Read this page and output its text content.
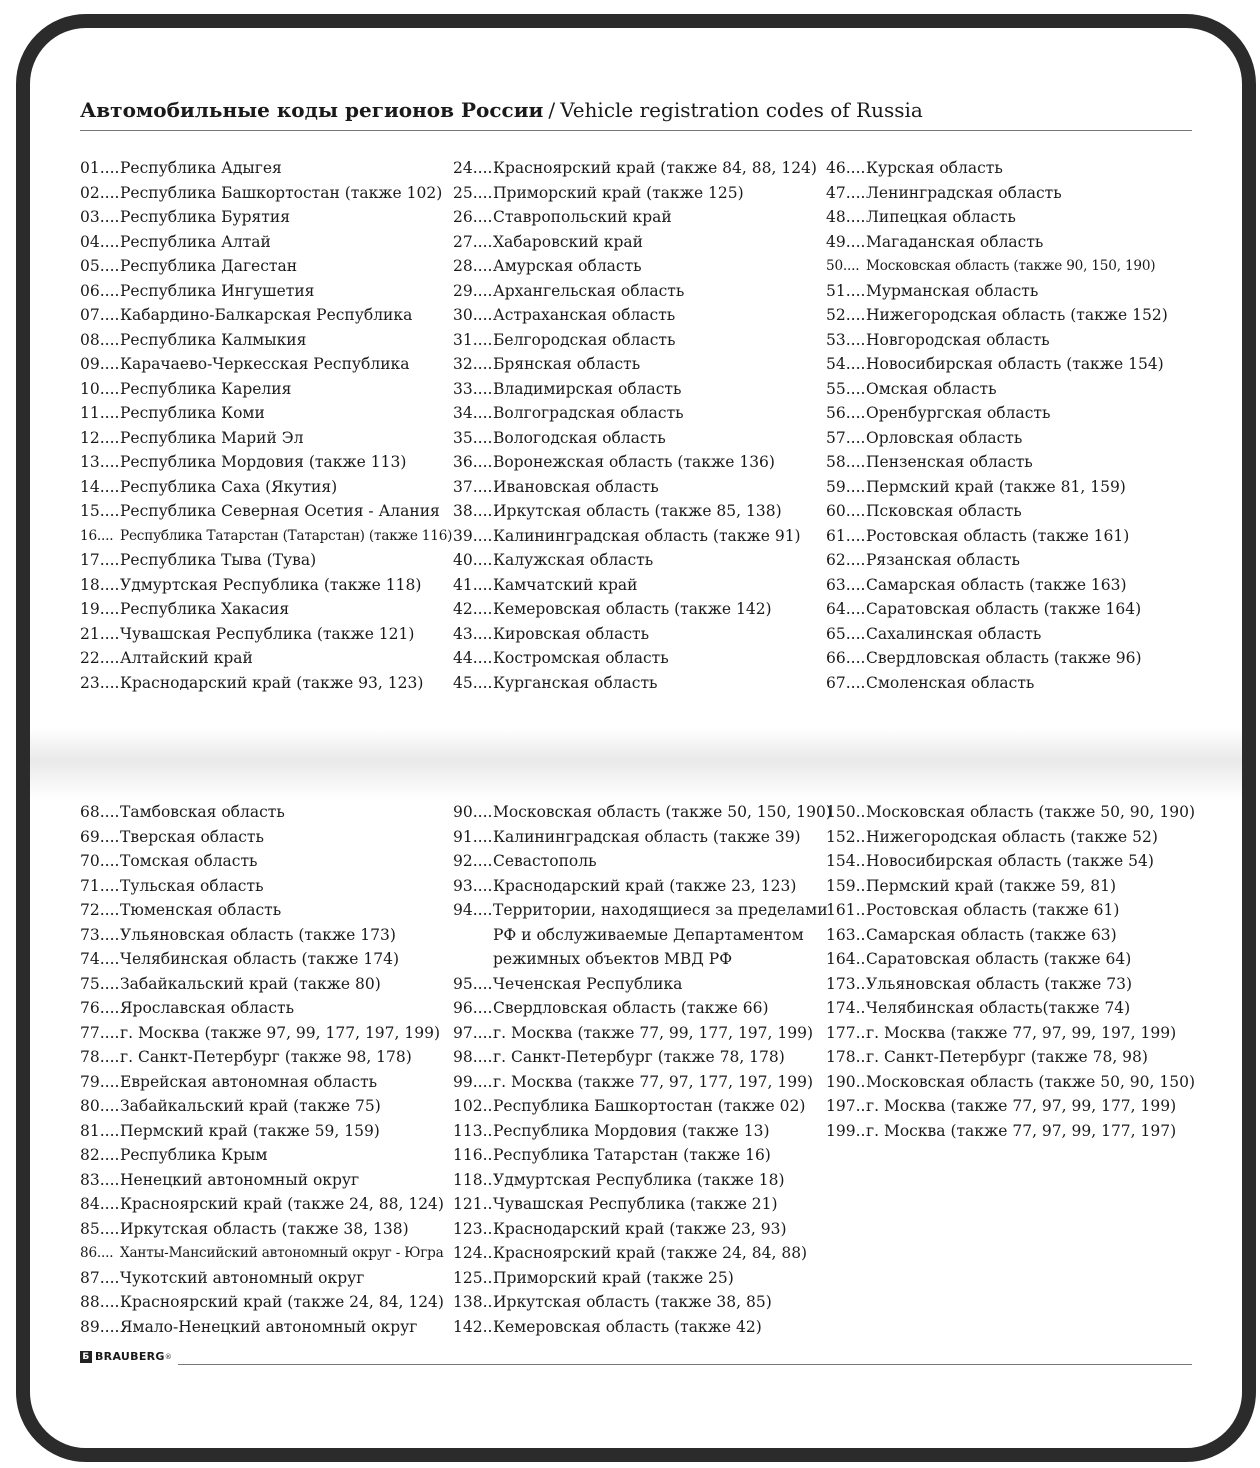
Автомобильные коды регионов России / Vehicle registration codes of Russia
01.... Республика Адыгея
02.... Республика Башкортостан (также 102)
03.... Республика Бурятия
04.... Республика Алтай
05.... Республика Дагестан
06.... Республика Ингушетия
07.... Кабардино-Балкарская Республика
08.... Республика Калмыкия
09.... Карачаево-Черкесская Республика
10.... Республика Карелия
11.... Республика Коми
12.... Республика Марий Эл
13.... Республика Мордовия (также 113)
14.... Республика Саха (Якутия)
15.... Республика Северная Осетия - Алания
16.... Республика Татарстан (Татарстан) (также 116)
17.... Республика Тыва (Тува)
18.... Удмуртская Республика (также 118)
19.... Республика Хакасия
21.... Чувашская Республика (также 121)
22.... Алтайский край
23.... Краснодарский край (также 93, 123)
24.... Красноярский край (также 84, 88, 124)
25.... Приморский край (также 125)
26.... Ставропольский край
27.... Хабаровский край
28.... Амурская область
29.... Архангельская область
30.... Астраханская область
31.... Белгородская область
32.... Брянская область
33.... Владимирская область
34.... Волгоградская область
35.... Вологодская область
36.... Воронежская область (также 136)
37.... Ивановская область
38.... Иркутская область (также 85, 138)
39.... Калининградская область (также 91)
40.... Калужская область
41.... Камчатский край
42.... Кемеровская область (также 142)
43.... Кировская область
44.... Костромская область
45.... Курганская область
46.... Курская область
47.... Ленинградская область
48.... Липецкая область
49.... Магаданская область
50.... Московская область (также 90, 150, 190)
51.... Мурманская область
52.... Нижегородская область (также 152)
53.... Новгородская область
54.... Новосибирская область (также 154)
55.... Омская область
56.... Оренбургская область
57.... Орловская область
58.... Пензенская область
59.... Пермский край (также 81, 159)
60.... Псковская область
61.... Ростовская область (также 161)
62.... Рязанская область
63.... Самарская область (также 163)
64.... Саратовская область (также 164)
65.... Сахалинская область
66.... Свердловская область (также 96)
67.... Смоленская область
68.... Тамбовская область
69.... Тверская область
70.... Томская область
71.... Тульская область
72.... Тюменская область
73.... Ульяновская область (также 173)
74.... Челябинская область (также 174)
75.... Забайкальский край (также 80)
76.... Ярославская область
77.... г. Москва (также 97, 99, 177, 197, 199)
78.... г. Санкт-Петербург (также 98, 178)
79.... Еврейская автономная область
80.... Забайкальский край (также 75)
81.... Пермский край (также 59, 159)
82.... Республика Крым
83.... Ненецкий автономный округ
84.... Красноярский край (также 24, 88, 124)
85.... Иркутская область (также 38, 138)
86.... Ханты-Мансийский автономный округ - Югра
87.... Чукотский автономный округ
88.... Красноярский край (также 24, 84, 124)
89.... Ямало-Ненецкий автономный округ
90.... Московская область (также 50, 150, 190)
91.... Калининградская область (также 39)
92.... Севастополь
93.... Краснодарский край (также 23, 123)
94.... Территории, находящиеся за пределами
РФ и обслуживаемые Департаментом
режимных объектов МВД РФ
95.... Чеченская Республика
96.... Свердловская область (также 66)
97.... г. Москва (также 77, 99, 177, 197, 199)
98.... г. Санкт-Петербург (также 78, 178)
99.... г. Москва (также 77, 97, 177, 197, 199)
102.. Республика Башкортостан (также 02)
113.. Республика Мордовия (также 13)
116.. Республика Татарстан (также 16)
118.. Удмуртская Республика (также 18)
121.. Чувашская Республика (также 21)
123.. Краснодарский край (также 23, 93)
124.. Красноярский край (также 24, 84, 88)
125.. Приморский край (также 25)
138.. Иркутская область (также 38, 85)
142.. Кемеровская область (также 42)
150.. Московская область (также 50, 90, 190)
152.. Нижегородская область (также 52)
154.. Новосибирская область (также 54)
159.. Пермский край (также 59, 81)
161.. Ростовская область (также 61)
163.. Самарская область (также 63)
164.. Саратовская область (также 64)
173.. Ульяновская область (также 73)
174.. Челябинская область(также 74)
177.. г. Москва (также 77, 97, 99, 197, 199)
178.. г. Санкт-Петербург (также 78, 98)
190.. Московская область (также 50, 90, 150)
197.. г. Москва (также 77, 97, 99, 177, 199)
199.. г. Москва (также 77, 97, 99, 177, 197)
Б BRAUBERG ®
